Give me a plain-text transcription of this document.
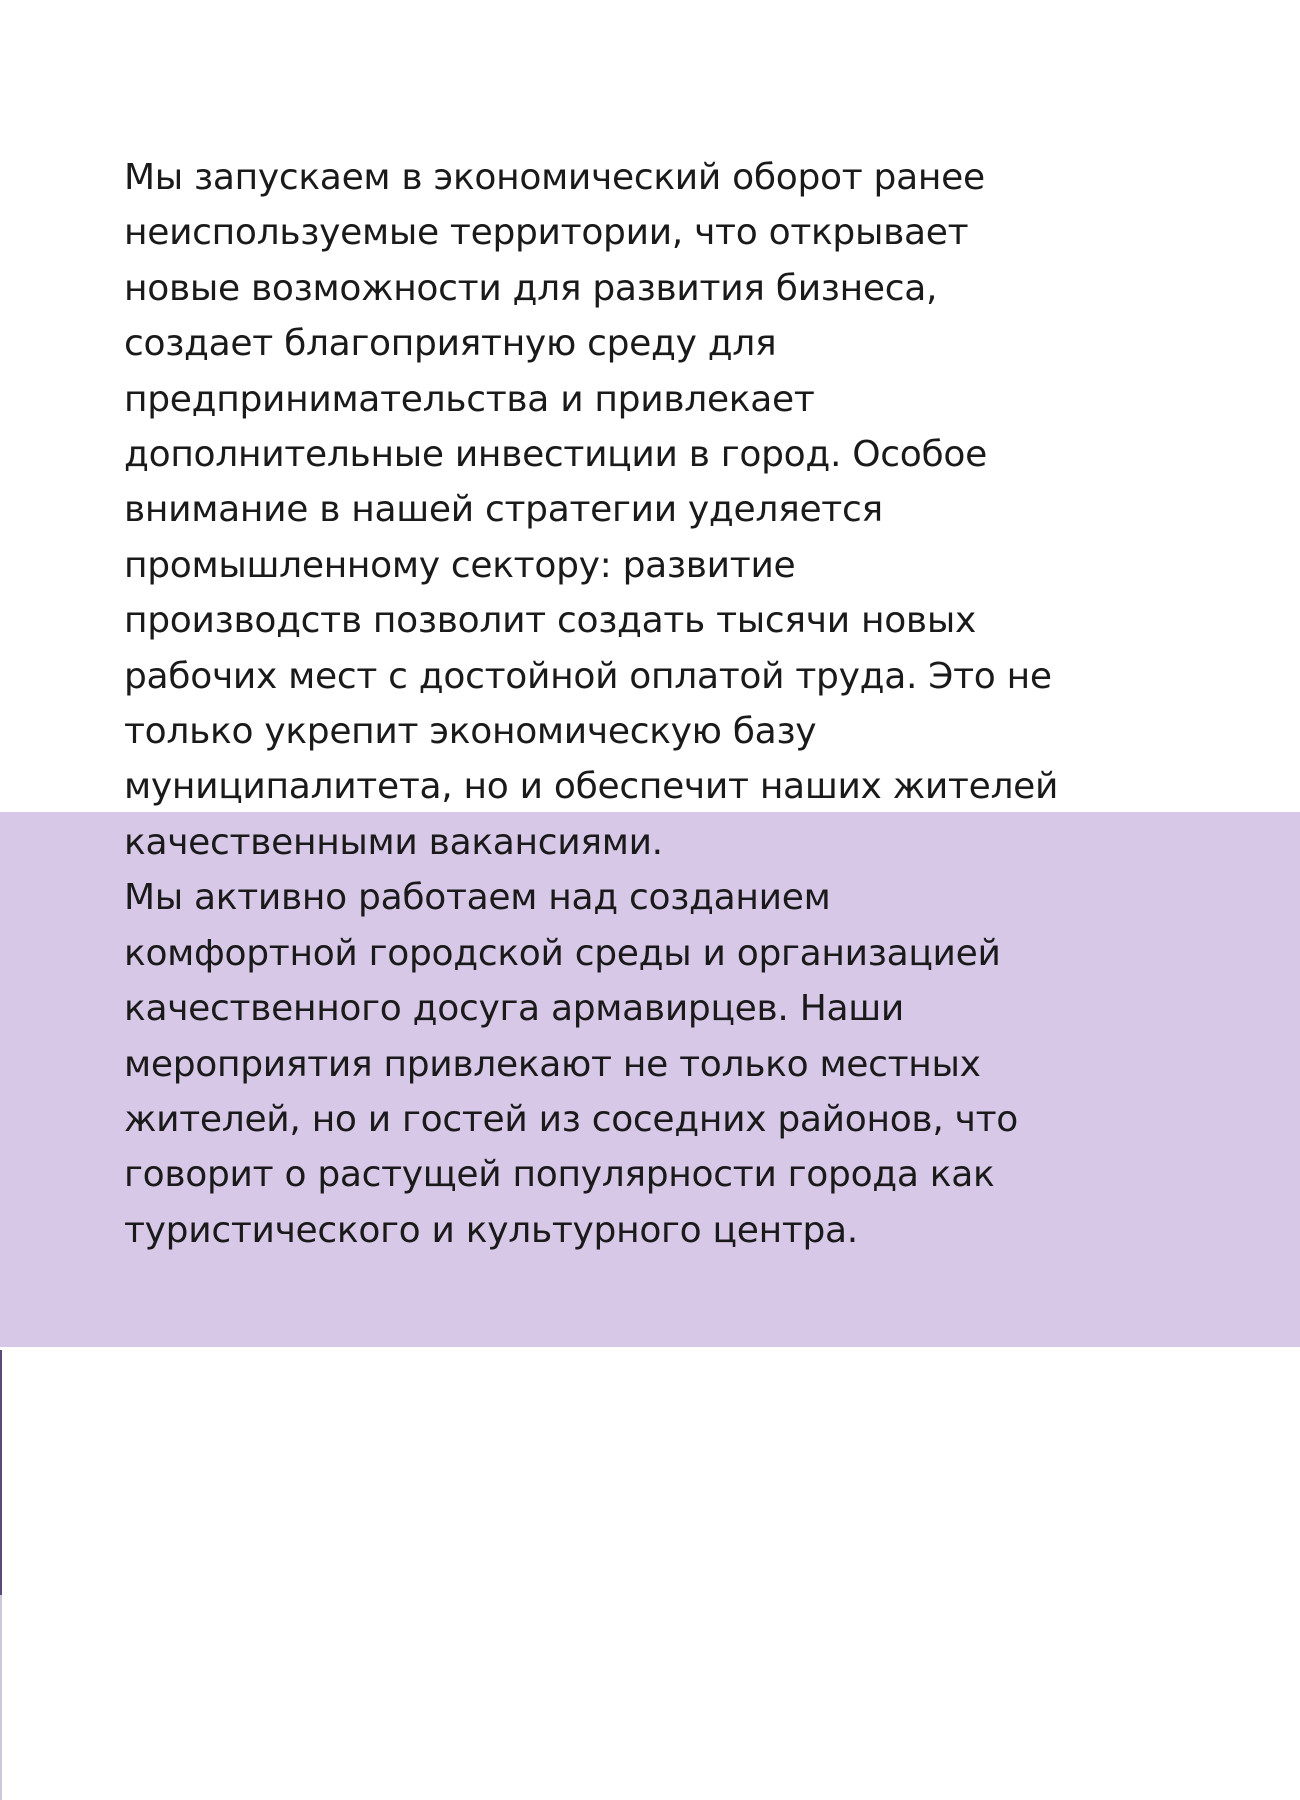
Мы запускаем в экономический оборот ранее
неиспользуемые территории, что открывает
новые возможности для развития бизнеса,
создает благоприятную среду для
предпринимательства и привлекает
дополнительные инвестиции в город. Особое
внимание в нашей стратегии уделяется
промышленному сектору: развитие
производств позволит создать тысячи новых
рабочих мест с достойной оплатой труда. Это не
только укрепит экономическую базу
муниципалитета, но и обеспечит наших жителей
качественными вакансиями.
Мы активно работаем над созданием
комфортной городской среды и организацией
качественного досуга армавирцев. Наши
мероприятия привлекают не только местных
жителей, но и гостей из соседних районов, что
говорит о растущей популярности города как
туристического и культурного центра.
